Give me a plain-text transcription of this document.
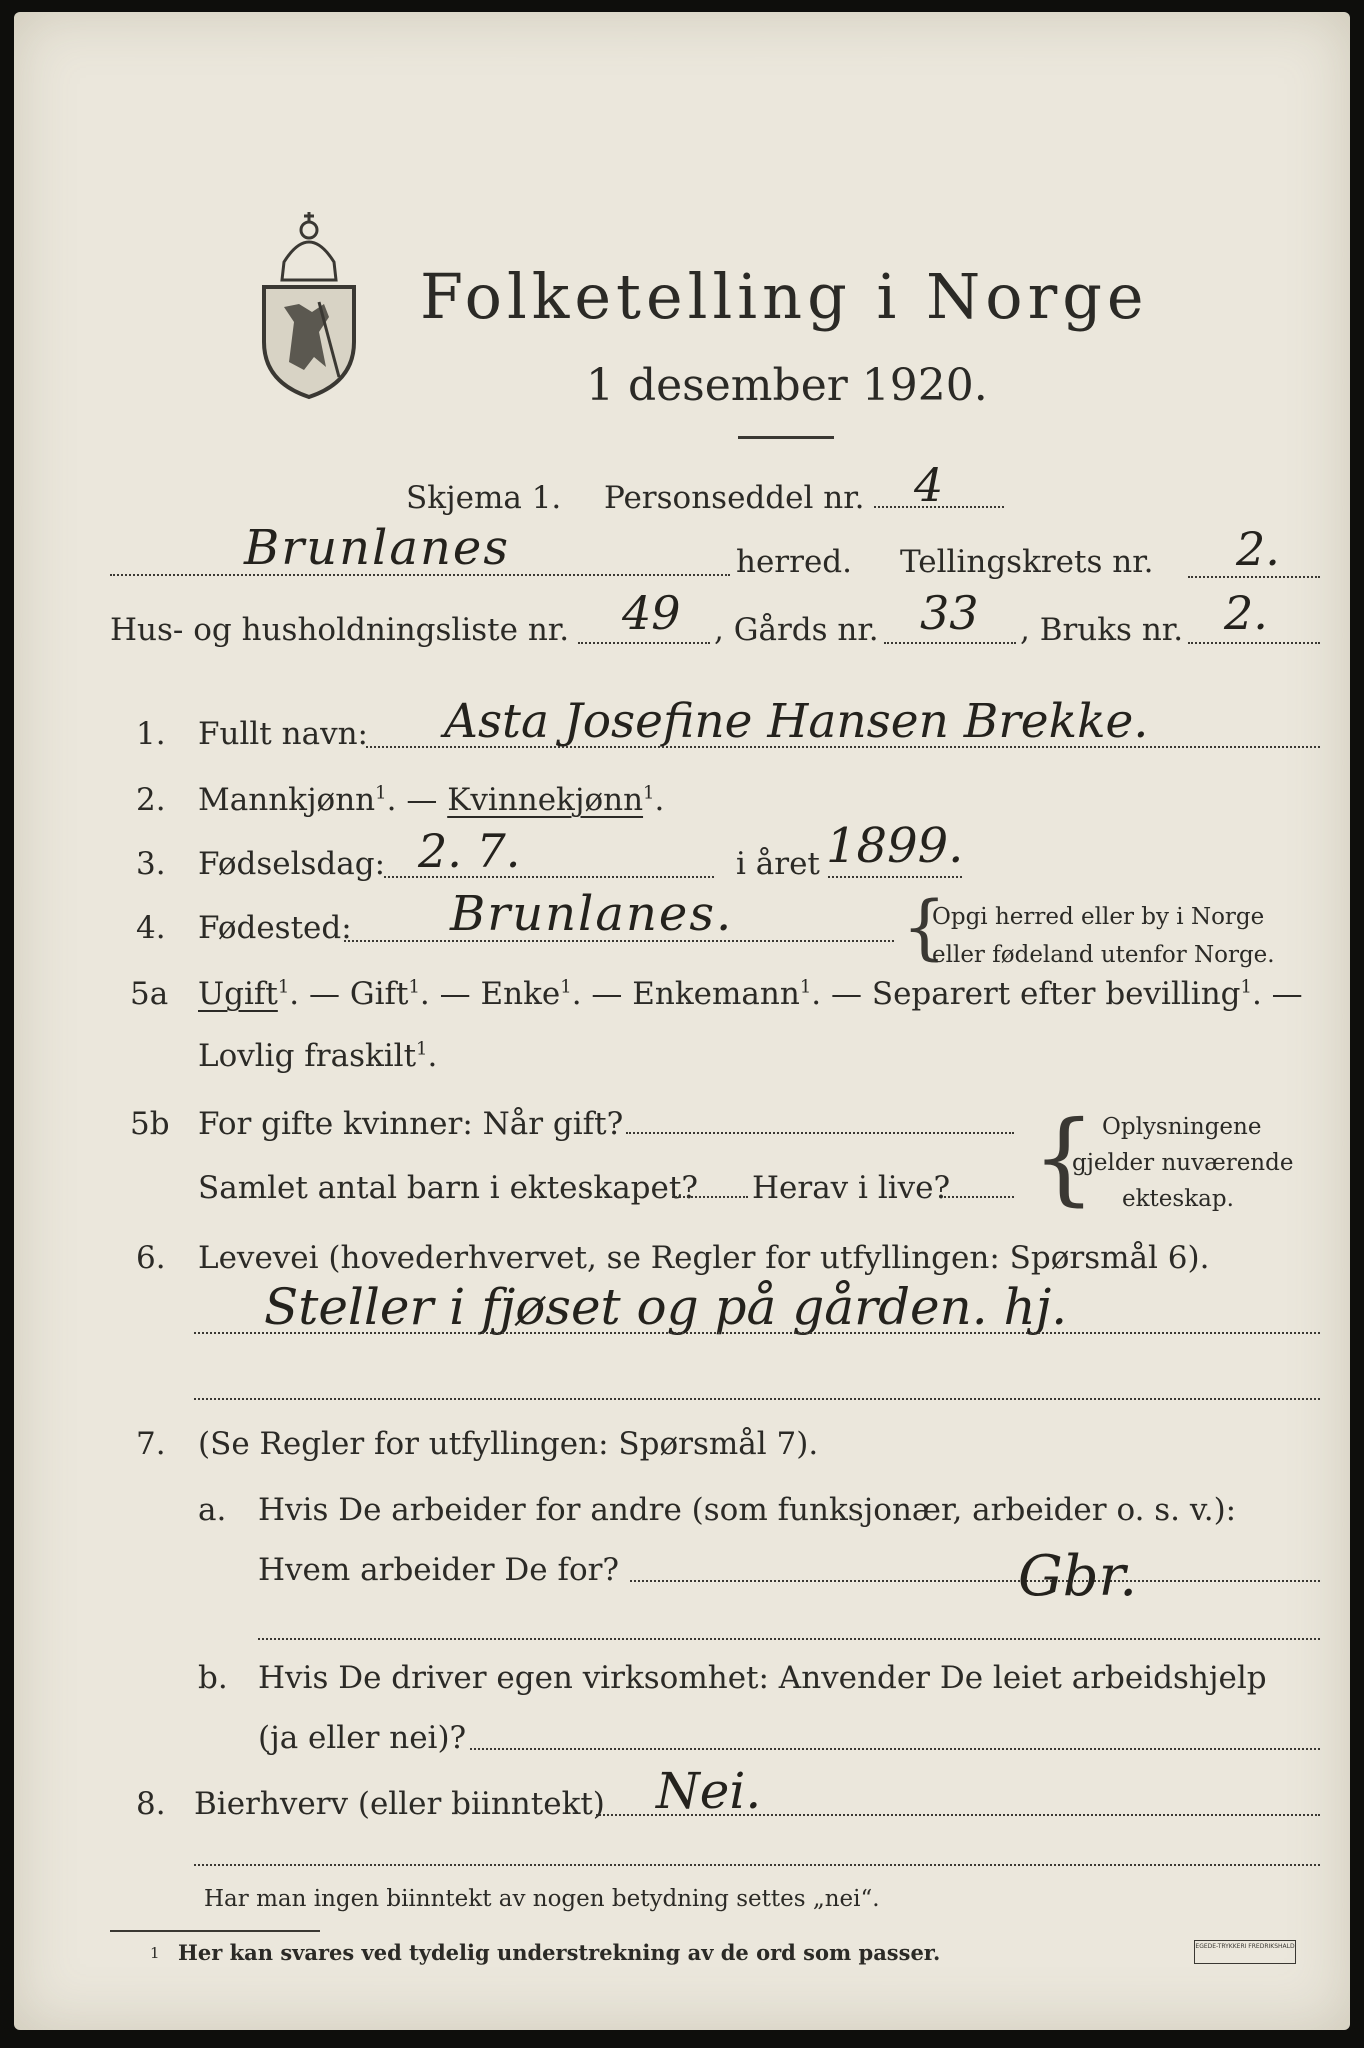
Folketelling i Norge
1 desember 1920.
Skjema 1. Personseddel nr. 4
Brunlanes	herred. Tellingskrets nr. 2.
Hus- og husholdningsliste nr. 49 , Gårds nr. 33 , Bruks nr. 2.
1. Fullt navn: Asta Josefine Hansen Brekke.
2. Mannkjønn$^1$. — Kvinnekjønn$^1$.
3. Fødselsdag: 2. 7.	i året 1899.
4. Fødested: Brunlanes. {
Opgi herred eller by i Norge
eller fødeland utenfor Norge.
5a Ugift$^1$. — Gift$^1$. — Enke$^1$. — Enkemann$^1$. — Separert efter bevilling$^1$. —
Lovlig fraskilt$^1$.
5b For gifte kvinner: Når gift?
Samlet antal barn i ekteskapet? Herav i live? { Oplysningene
gjelder nuværende
ekteskap.
6. Levevei (hovederhvervet, se Regler for utfyllingen: Spørsmål 6).
Steller i fjøset og på gården. hj.
7. (Se Regler for utfyllingen: Spørsmål 7).
a. Hvis De arbeider for andre (som funksjonær, arbeider o. s. v.):
Hvem arbeider De for?	Gbr.
b. Hvis De driver egen virksomhet: Anvender De leiet arbeidshjelp
(ja eller nei)?
8. Bierhverv (eller biinntekt) Nei.
Har man ingen biinntekt av nogen betydning settes „nei“.
1 Her kan svares ved tydelig understrekning av de ord som passer.	EGEDE-TRYKKERI FREDRIKSHALD
